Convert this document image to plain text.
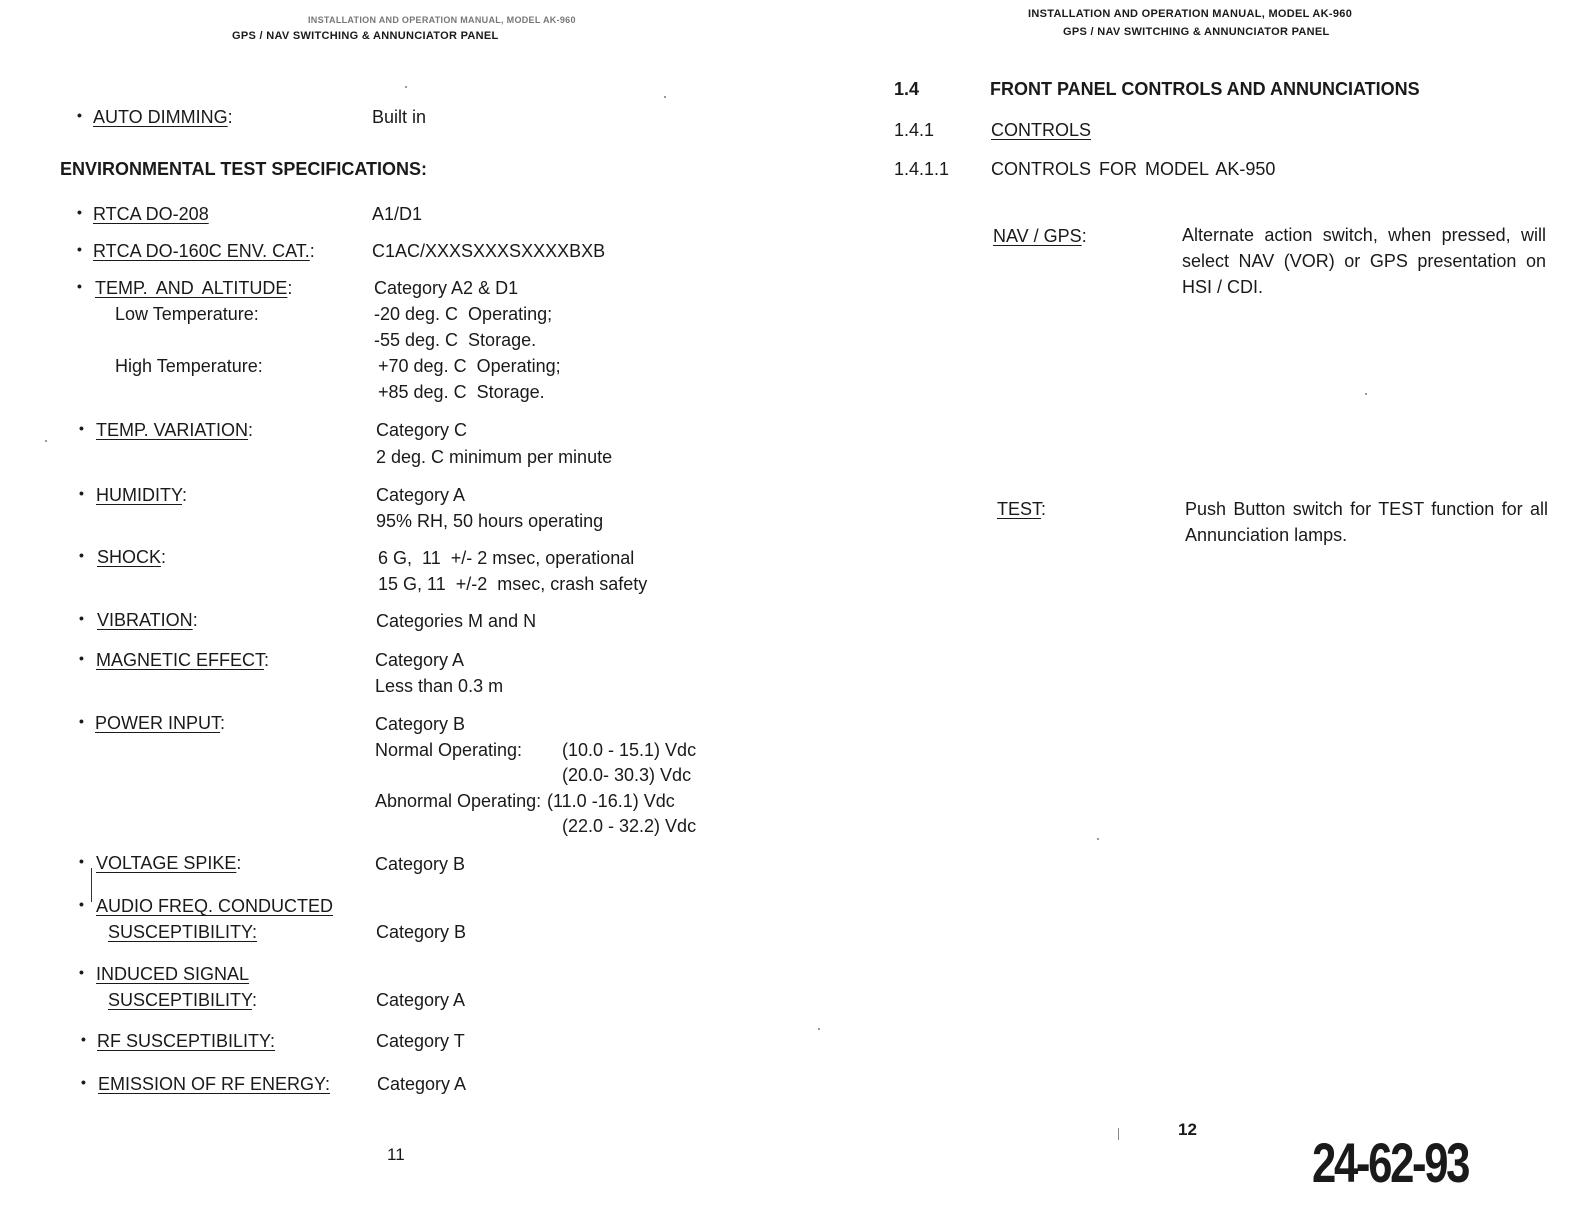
INSTALLATION AND OPERATION MANUAL, MODEL AK-960
GPS / NAV SWITCHING & ANNUNCIATOR PANEL
• AUTO DIMMING:	Built in
ENVIRONMENTAL TEST SPECIFICATIONS:
• RTCA DO-208	A1/D1
• RTCA DO-160C ENV. CAT.:	C1AC/XXXSXXXSXXXXBXB
• TEMP. AND ALTITUDE:	Category A2 & D1
Low Temperature:	-20 deg. C  Operating;
-55 deg. C  Storage.
High Temperature:	+70 deg. C  Operating;
+85 deg. C  Storage.
• TEMP. VARIATION:	Category C
2 deg. C minimum per minute
• HUMIDITY:	Category A
95% RH, 50 hours operating
• SHOCK:	6 G,  11  +/- 2 msec, operational
15 G, 11  +/-2  msec, crash safety
• VIBRATION:	Categories M and N
• MAGNETIC EFFECT:	Category A
Less than 0.3 m
• POWER INPUT:	Category B
Normal Operating: (10.0 - 15.1) Vdc
(20.0- 30.3) Vdc
Abnormal Operating: (11.0 -16.1) Vdc
(22.0 - 32.2) Vdc
• VOLTAGE SPIKE:	Category B
• AUDIO FREQ. CONDUCTED
SUSCEPTIBILITY:	Category B
• INDUCED SIGNAL
SUSCEPTIBILITY:	Category A
• RF SUSCEPTIBILITY:	Category T
• EMISSION OF RF ENERGY:	Category A
11
INSTALLATION AND OPERATION MANUAL, MODEL AK-960
GPS / NAV SWITCHING & ANNUNCIATOR PANEL
1.4	FRONT PANEL CONTROLS AND ANNUNCIATIONS
1.4.1	CONTROLS
1.4.1.1 CONTROLS FOR MODEL AK-950
NAV / GPS:	Alternate action switch, when pressed, will select NAV (VOR) or GPS presentation on HSI / CDI.
TEST:	Push Button switch for TEST function for all Annunciation lamps.
12
24-62-93
